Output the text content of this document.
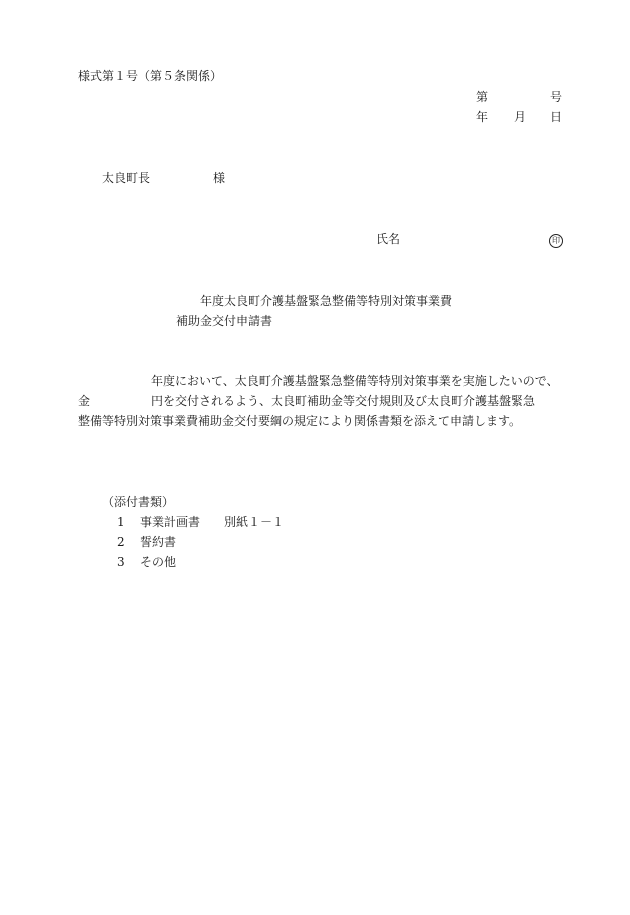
様式第１号（第５条関係）
第	号
年 月 日
太良町長	様
氏名	印
年度太良町介護基盤緊急整備等特別対策事業費
補助金交付申請書
年度において、太良町介護基盤緊急整備等特別対策事業を実施したいので、
金	円を交付されるよう、太良町補助金等交付規則及び太良町介護基盤緊急
整備等特別対策事業費補助金交付要綱の規定により関係書類を添えて申請します。
（添付書類）
1 事業計画書 別紙１－１
2 誓約書
3 その他
